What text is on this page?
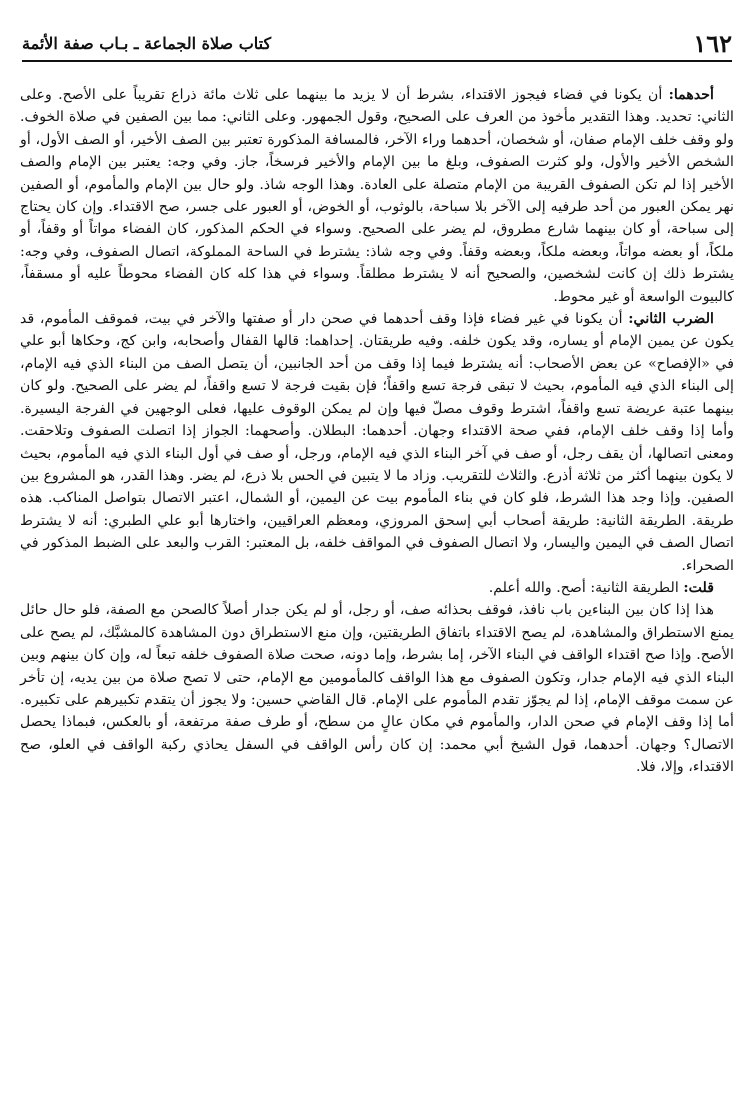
١٦٢
كتاب صلاة الجماعة ـ بـاب صفة الأئمة

أحدهما: أن يكونا في فضاء فيجوز الاقتداء، بشرط أن لا يزيد ما بينهما على ثلاث مائة ذراع تقريباً على الأصح. وعلى الثاني: تحديد. وهذا التقدير مأخوذ من العرف على الصحيح، وقول الجمهور. وعلى الثاني: مما بين الصفين في صلاة الخوف. ولو وقف خلف الإمام صفان، أو شخصان، أحدهما وراء الآخر، فالمسافة المذكورة تعتبر بين الصف الأخير، أو الصف الأول، أو الشخص الأخير والأول، ولو كثرت الصفوف، وبلغ ما بين الإمام والأخير فرسخاً، جاز. وفي وجه: يعتبر بين الإمام والصف الأخير إذا لم تكن الصفوف القريبة من الإمام متصلة على العادة. وهذا الوجه شاذ. ولو حال بين الإمام والمأموم، أو الصفين نهر يمكن العبور من أحد طرفيه إلى الآخر بلا سباحة، بالوثوب، أو الخوض، أو العبور على جسر، صح الاقتداء. وإن كان يحتاج إلى سباحة، أو كان بينهما شارع مطروق، لم يضر على الصحيح. وسواء في الحكم المذكور، كان الفضاء مواتاً أو وقفاً، أو ملكاً، أو بعضه مواتاً، وبعضه ملكاً، وبعضه وقفاً. وفي وجه شاذ: يشترط في الساحة المملوكة، اتصال الصفوف، وفي وجه: يشترط ذلك إن كانت لشخصين، والصحيح أنه لا يشترط مطلقاً. وسواء في هذا كله كان الفضاء محوطاً عليه أو مسقفاً، كالبيوت الواسعة أو غير محوط.

الضرب الثاني: أن يكونا في غير فضاء فإذا وقف أحدهما في صحن دار أو صفتها والآخر في بيت، فموقف المأموم، قد يكون عن يمين الإمام أو يساره، وقد يكون خلفه. وفيه طريقتان. إحداهما: قالها القفال وأصحابه، وابن كج، وحكاها أبو علي في «الإفصاح» عن بعض الأصحاب: أنه يشترط فيما إذا وقف من أحد الجانبين، أن يتصل الصف من البناء الذي فيه الإمام، إلى البناء الذي فيه المأموم، بحيث لا تبقى فرجة تسع واقفاً؛ فإن بقيت فرجة لا تسع واقفاً، لم يضر على الصحيح. ولو كان بينهما عتبة عريضة تسع واقفاً، اشترط وقوف مصلّ فيها وإن لم يمكن الوقوف عليها، فعلى الوجهين في الفرجة اليسيرة. وأما إذا وقف خلف الإمام، ففي صحة الاقتداء وجهان. أحدهما: البطلان. وأصحهما: الجواز إذا اتصلت الصفوف وتلاحقت. ومعنى اتصالها، أن يقف رجل، أو صف في آخر البناء الذي فيه الإمام، ورجل، أو صف في أول البناء الذي فيه المأموم، بحيث لا يكون بينهما أكثر من ثلاثة أذرع. والثلاث للتقريب. وزاد ما لا يتبين في الحس بلا ذرع، لم يضر. وهذا القدر، هو المشروع بين الصفين. وإذا وجد هذا الشرط، فلو كان في بناء المأموم بيت عن اليمين، أو الشمال، اعتبر الاتصال بتواصل المناكب. هذه طريقة. الطريقة الثانية: طريقة أصحاب أبي إسحق المروزي، ومعظم العراقيين، واختارها أبو علي الطبري: أنه لا يشترط اتصال الصف في اليمين واليسار، ولا اتصال الصفوف في المواقف خلفه، بل المعتبر: القرب والبعد على الضبط المذكور في الصحراء.

قلت: الطريقة الثانية: أصح. والله أعلم.

هذا إذا كان بين البناءين باب نافذ، فوقف بحذائه صف، أو رجل، أو لم يكن جدار أصلاً كالصحن مع الصفة، فلو حال حائل يمنع الاستطراق والمشاهدة، لم يصح الاقتداء باتفاق الطريقتين، وإن منع الاستطراق دون المشاهدة كالمشبَّك، لم يصح على الأصح. وإذا صح اقتداء الواقف في البناء الآخر، إما بشرط، وإما دونه، صحت صلاة الصفوف خلفه تبعاً له، وإن كان بينهم وبين البناء الذي فيه الإمام جدار، وتكون الصفوف مع هذا الواقف كالمأمومين مع الإمام، حتى لا تصح صلاة من بين يديه، إن تأخر عن سمت موقف الإمام، إذا لم يجوّز تقدم المأموم على الإمام. قال القاضي حسين: ولا يجوز أن يتقدم تكبيرهم على تكبيره. أما إذا وقف الإمام في صحن الدار، والمأموم في مكان عالٍ من سطح، أو طرف صفة مرتفعة، أو بالعكس، فبماذا يحصل الاتصال؟ وجهان. أحدهما، قول الشيخ أبي محمد: إن كان رأس الواقف في السفل يحاذي ركبة الواقف في العلو، صح الاقتداء، وإلا، فلا.
